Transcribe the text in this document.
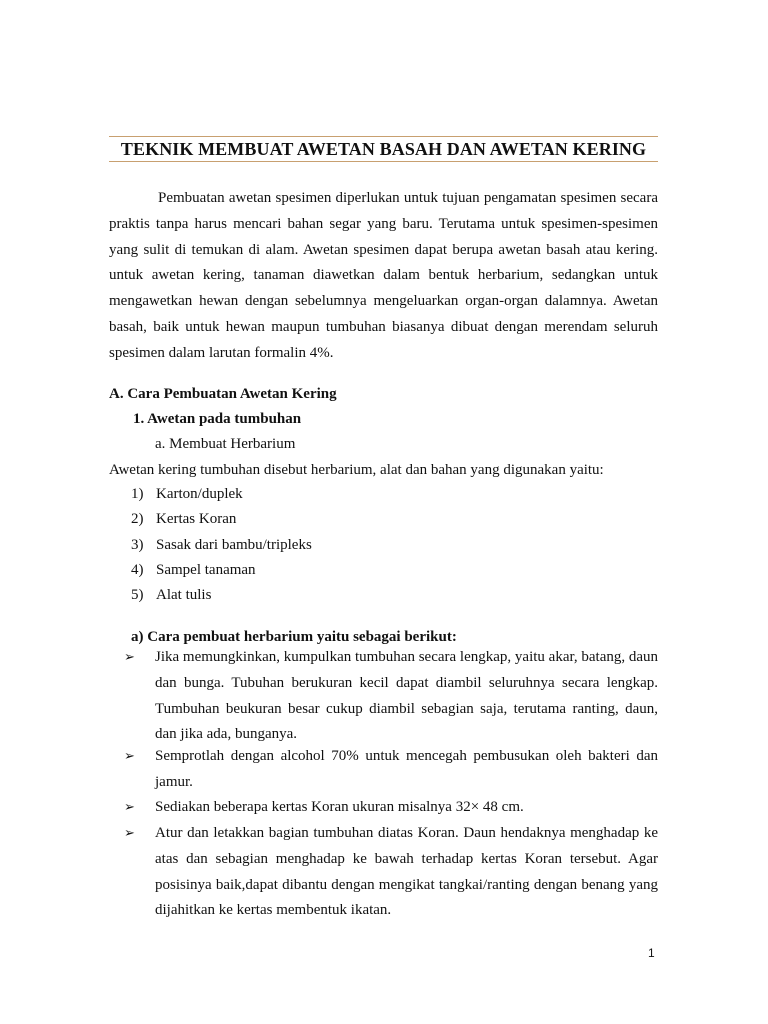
TEKNIK MEMBUAT AWETAN BASAH DAN AWETAN KERING

Pembuatan awetan spesimen diperlukan untuk tujuan pengamatan spesimen secara praktis tanpa harus mencari bahan segar yang baru. Terutama untuk spesimen-spesimen yang sulit di temukan di alam. Awetan spesimen dapat berupa awetan basah atau kering. untuk awetan kering, tanaman diawetkan dalam bentuk herbarium, sedangkan untuk mengawetkan hewan dengan sebelumnya mengeluarkan organ-organ dalamnya. Awetan basah, baik untuk hewan maupun tumbuhan biasanya dibuat dengan merendam seluruh spesimen dalam larutan formalin 4%.

A. Cara Pembuatan Awetan Kering
1. Awetan pada tumbuhan
a. Membuat Herbarium
Awetan kering tumbuhan disebut herbarium, alat dan bahan yang digunakan yaitu:
1) Karton/duplek
2) Kertas Koran
3) Sasak dari bambu/tripleks
4) Sampel tanaman
5) Alat tulis
a) Cara pembuat herbarium yaitu sebagai berikut:
➢ Jika memungkinkan, kumpulkan tumbuhan secara lengkap, yaitu akar, batang, daun dan bunga. Tubuhan berukuran kecil dapat diambil seluruhnya secara lengkap. Tumbuhan beukuran besar cukup diambil sebagian saja, terutama ranting, daun, dan jika ada, bunganya.

➢ Semprotlah dengan alcohol 70% untuk mencegah pembusukan oleh bakteri dan jamur.

➢ Sediakan beberapa kertas Koran ukuran misalnya 32× 48 cm.

➢ Atur dan letakkan bagian tumbuhan diatas Koran. Daun hendaknya menghadap ke atas dan sebagian menghadap ke bawah terhadap kertas Koran tersebut. Agar posisinya baik,dapat dibantu dengan mengikat tangkai/ranting dengan benang yang dijahitkan ke kertas membentuk ikatan.

1
